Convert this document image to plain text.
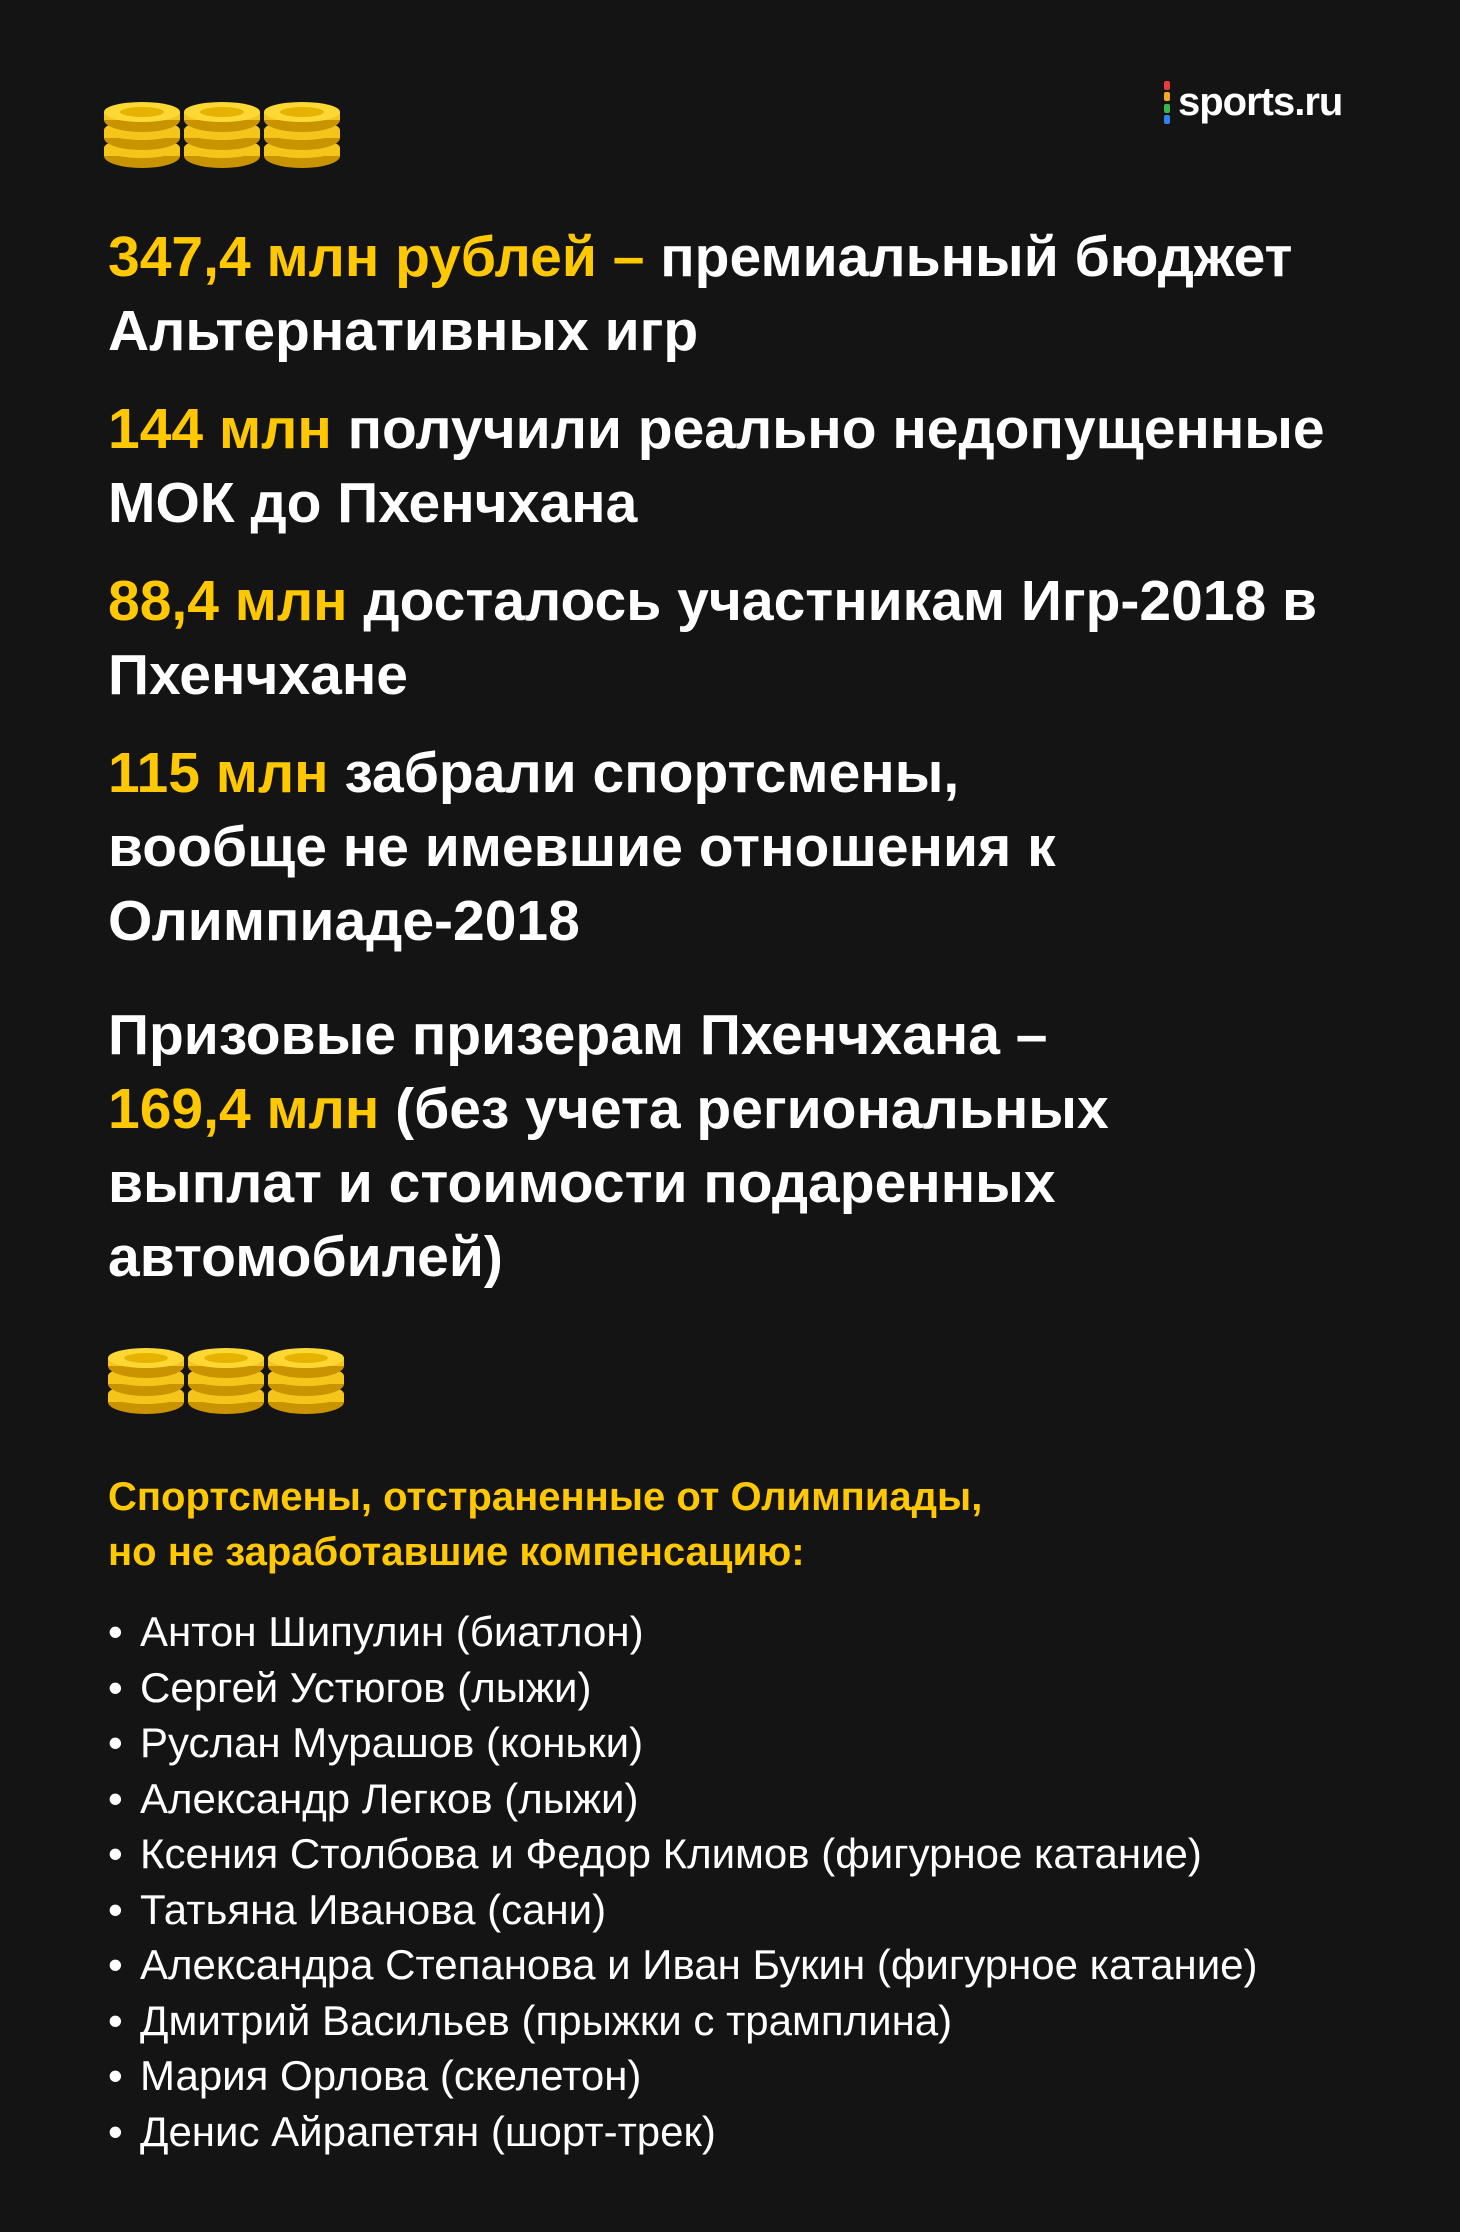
sports.ru

347,4 млн рублей – премиальный бюджет Альтернативных игр

144 млн получили реально недопущенные МОК до Пхенчхана

88,4 млн досталось участникам Игр-2018 в Пхенчхане

115 млн забрали спортсмены, вообще не имевшие отношения к Олимпиаде-2018

Призовые призерам Пхенчхана –
169,4 млн (без учета региональных выплат и стоимости подаренных автомобилей)

Спортсмены, отстраненные от Олимпиады,
но не заработавшие компенсацию:

• Антон Шипулин (биатлон)
• Сергей Устюгов (лыжи)
• Руслан Мурашов (коньки)
• Александр Легков (лыжи)
• Ксения Столбова и Федор Климов (фигурное катание)
• Татьяна Иванова (сани)
• Александра Степанова и Иван Букин (фигурное катание)
• Дмитрий Васильев (прыжки с трамплина)
• Мария Орлова (скелетон)
• Денис Айрапетян (шорт-трек)
